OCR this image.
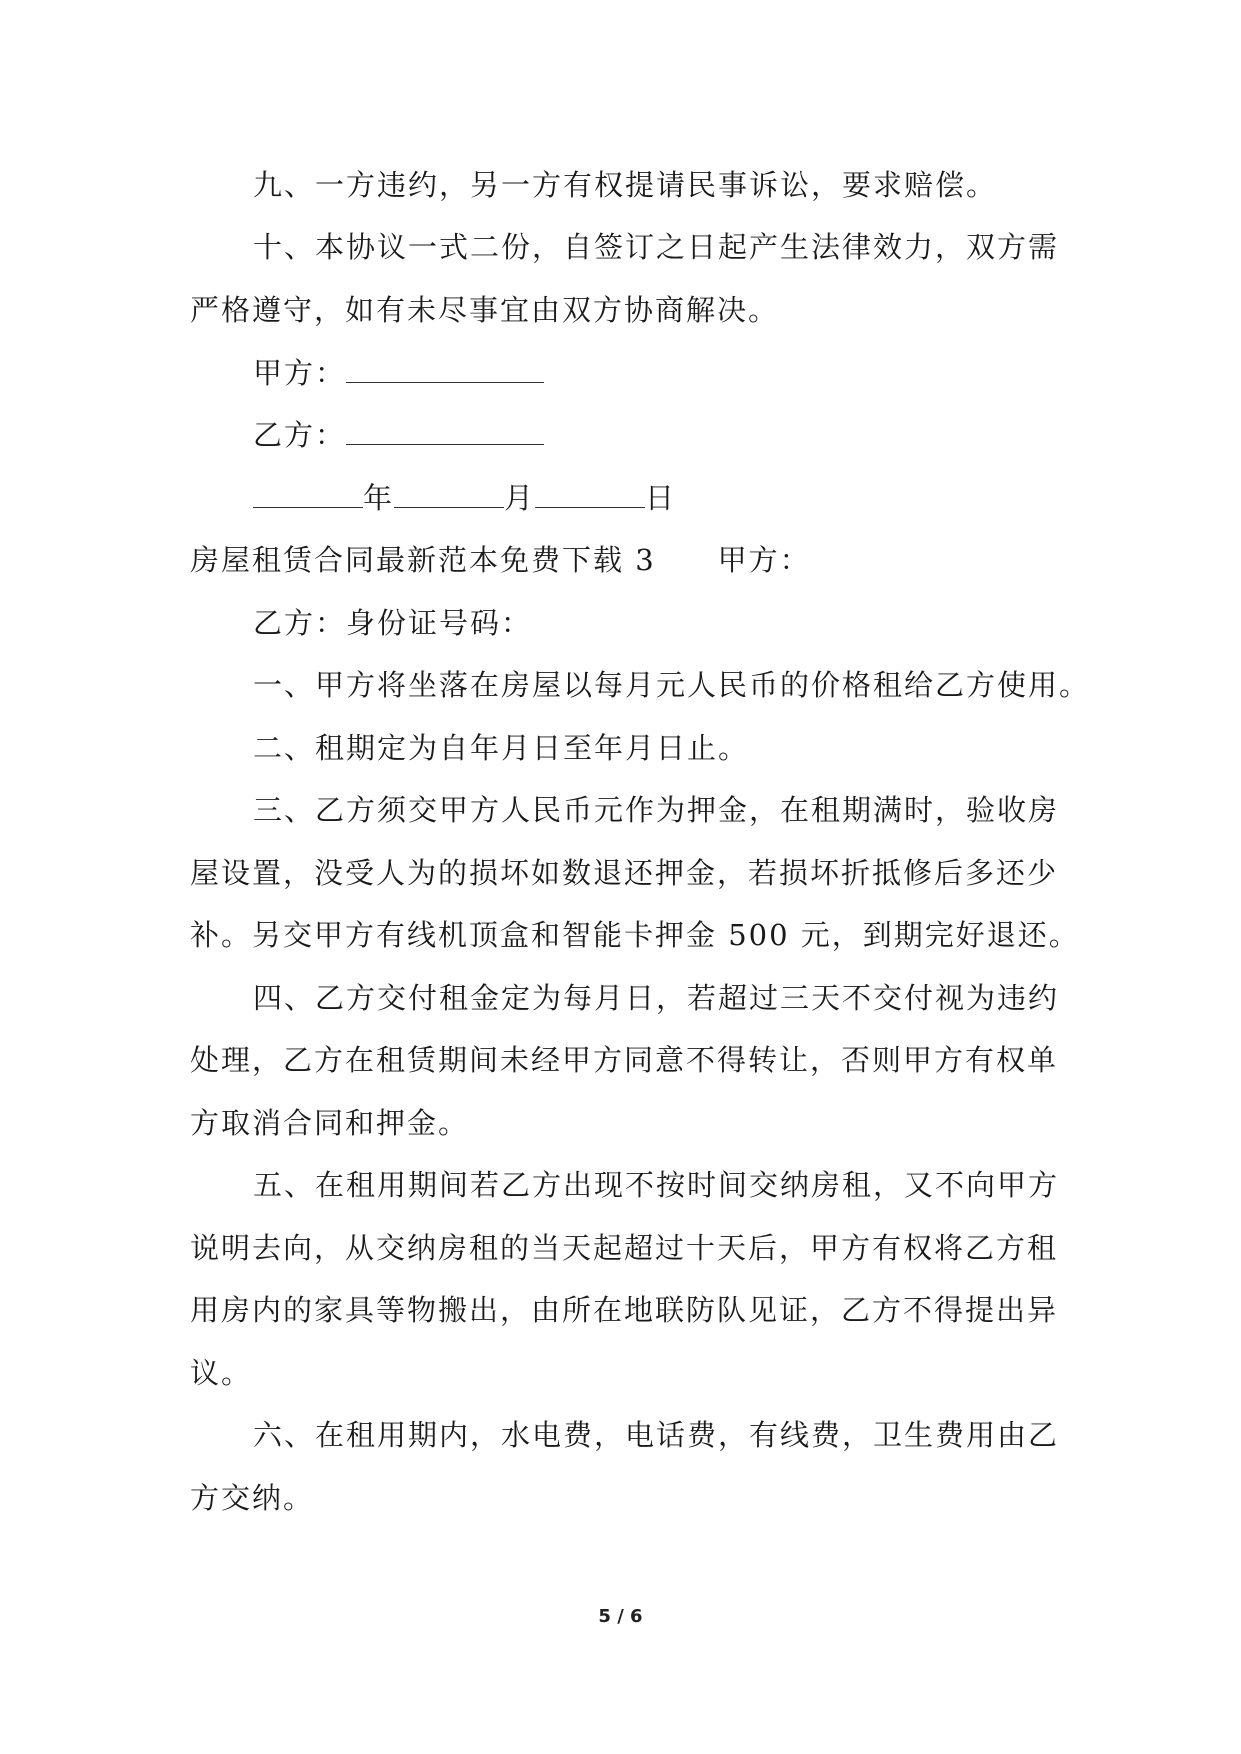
九、一方违约，另一方有权提请民事诉讼，要求赔偿。
十、本协议一式二份，自签订之日起产生法律效力，双方需
严格遵守，如有未尽事宜由双方协商解决。
甲方：
乙方：
年	月	日
房屋租赁合同最新范本免费下载 3 甲方：
乙方：身份证号码：
一、甲方将坐落在房屋以每月元人民币的价格租给乙方使用。
二、租期定为自年月日至年月日止。
三、乙方须交甲方人民币元作为押金，在租期满时，验收房
屋设置，没受人为的损坏如数退还押金，若损坏折抵修后多还少
补。另交甲方有线机顶盒和智能卡押金 500 元，到期完好退还。
四、乙方交付租金定为每月日，若超过三天不交付视为违约
处理，乙方在租赁期间未经甲方同意不得转让，否则甲方有权单
方取消合同和押金。
五、在租用期间若乙方出现不按时间交纳房租，又不向甲方
说明去向，从交纳房租的当天起超过十天后，甲方有权将乙方租
用房内的家具等物搬出，由所在地联防队见证，乙方不得提出异
议。
六、在租用期内，水电费，电话费，有线费，卫生费用由乙
方交纳。
5 / 6
